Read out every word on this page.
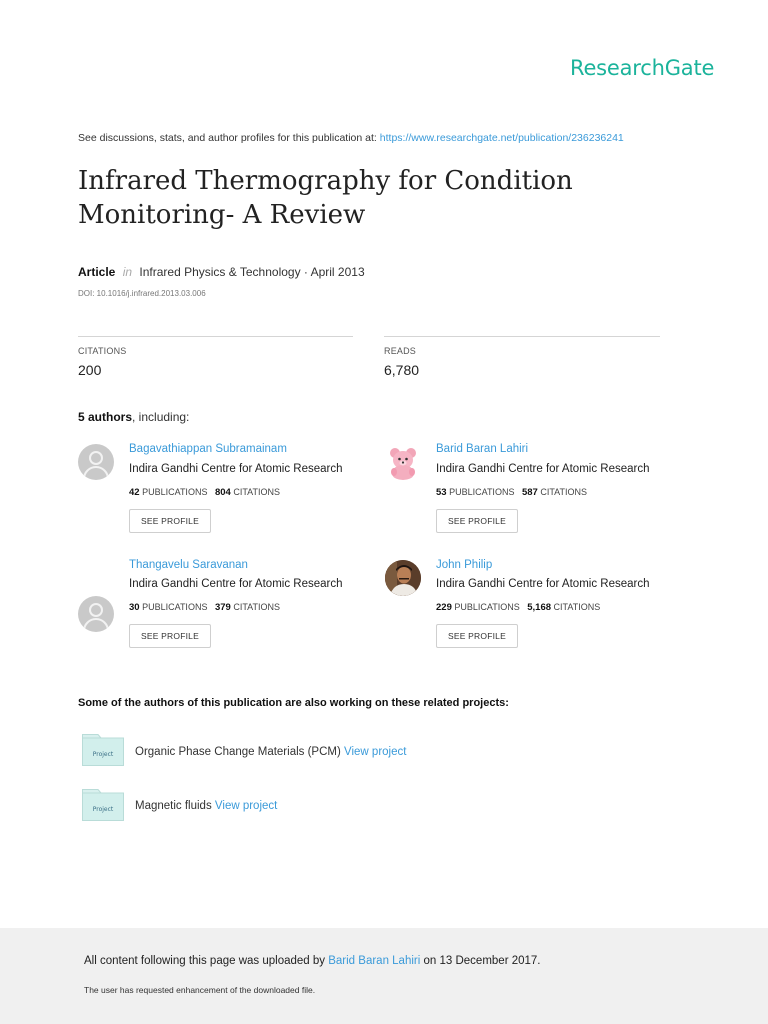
ResearchGate
See discussions, stats, and author profiles for this publication at: https://www.researchgate.net/publication/236236241
Infrared Thermography for Condition
Monitoring- A Review
Article in Infrared Physics & Technology · April 2013
DOI: 10.1016/j.infrared.2013.03.006
CITATIONS
200
READS
6,780
5 authors, including:
Bagavathiappan Subramainam
Indira Gandhi Centre for Atomic Research
42 PUBLICATIONS 804 CITATIONS
SEE PROFILE
Barid Baran Lahiri
Indira Gandhi Centre for Atomic Research
53 PUBLICATIONS 587 CITATIONS
SEE PROFILE
Thangavelu Saravanan
Indira Gandhi Centre for Atomic Research
30 PUBLICATIONS 379 CITATIONS
SEE PROFILE
John Philip
Indira Gandhi Centre for Atomic Research
229 PUBLICATIONS 5,168 CITATIONS
SEE PROFILE
Some of the authors of this publication are also working on these related projects:
Project Organic Phase Change Materials (PCM) View project
Project Magnetic fluids View project
All content following this page was uploaded by Barid Baran Lahiri on 13 December 2017.
The user has requested enhancement of the downloaded file.
